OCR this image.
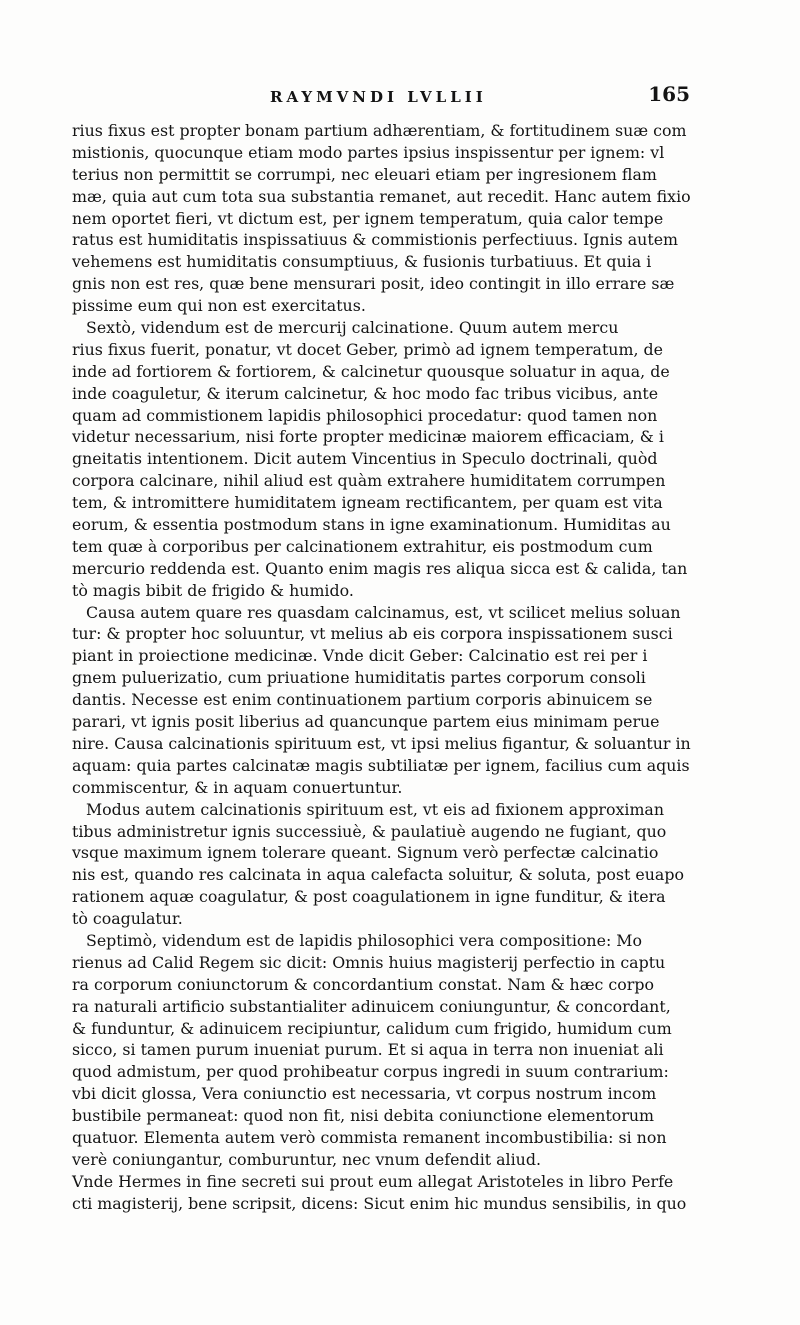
RAYMVNDI LVLLII	165
rius fixus est propter bonam partium adhærentiam, & fortitudinem suæ com
mistionis, quocunque etiam modo partes ipsius inspissentur per ignem: vl
terius non permittit se corrumpi, nec eleuari etiam per ingresionem flam
mæ, quia aut cum tota sua substantia remanet, aut recedit. Hanc autem fixio
nem oportet fieri, vt dictum est, per ignem temperatum, quia calor tempe
ratus est humiditatis inspissatiuus & commistionis perfectiuus. Ignis autem
vehemens est humiditatis consumptiuus, & fusionis turbatiuus. Et quia i
gnis non est res, quæ bene mensurari posit, ideo contingit in illo errare sæ
pissime eum qui non est exercitatus.
Sextò, videndum est de mercurij calcinatione. Quum autem mercu
rius fixus fuerit, ponatur, vt docet Geber, primò ad ignem temperatum, de
inde ad fortiorem & fortiorem, & calcinetur quousque soluatur in aqua, de
inde coaguletur, & iterum calcinetur, & hoc modo fac tribus vicibus, ante
quam ad commistionem lapidis philosophici procedatur: quod tamen non
videtur necessarium, nisi forte propter medicinæ maiorem efficaciam, & i
gneitatis intentionem. Dicit autem Vincentius in Speculo doctrinali, quòd
corpora calcinare, nihil aliud est quàm extrahere humiditatem corrumpen
tem, & intromittere humiditatem igneam rectificantem, per quam est vita
eorum, & essentia postmodum stans in igne examinationum. Humiditas au
tem quæ à corporibus per calcinationem extrahitur, eis postmodum cum
mercurio reddenda est. Quanto enim magis res aliqua sicca est & calida, tan
tò magis bibit de frigido & humido.
Causa autem quare res quasdam calcinamus, est, vt scilicet melius soluan
tur: & propter hoc soluuntur, vt melius ab eis corpora inspissationem susci
piant in proiectione medicinæ. Vnde dicit Geber: Calcinatio est rei per i
gnem puluerizatio, cum priuatione humiditatis partes corporum consoli
dantis. Necesse est enim continuationem partium corporis abinuicem se
parari, vt ignis posit liberius ad quancunque partem eius minimam perue
nire. Causa calcinationis spirituum est, vt ipsi melius figantur, & soluantur in
aquam: quia partes calcinatæ magis subtiliatæ per ignem, facilius cum aquis
commiscentur, & in aquam conuertuntur.
Modus autem calcinationis spirituum est, vt eis ad fixionem approximan
tibus administretur ignis successiuè, & paulatiuè augendo ne fugiant, quo
vsque maximum ignem tolerare queant. Signum verò perfectæ calcinatio
nis est, quando res calcinata in aqua calefacta soluitur, & soluta, post euapo
rationem aquæ coagulatur, & post coagulationem in igne funditur, & itera
tò coagulatur.
Septimò, videndum est de lapidis philosophici vera compositione: Mo
rienus ad Calid Regem sic dicit: Omnis huius magisterij perfectio in captu
ra corporum coniunctorum & concordantium constat. Nam & hæc corpo
ra naturali artificio substantialiter adinuicem coniunguntur, & concordant,
& funduntur, & adinuicem recipiuntur, calidum cum frigido, humidum cum
sicco, si tamen purum inueniat purum. Et si aqua in terra non inueniat ali
quod admistum, per quod prohibeatur corpus ingredi in suum contrarium:
vbi dicit glossa, Vera coniunctio est necessaria, vt corpus nostrum incom
bustibile permaneat: quod non fit, nisi debita coniunctione elementorum
quatuor. Elementa autem verò commista remanent incombustibilia: si non
verè coniungantur, comburuntur, nec vnum defendit aliud.
Vnde Hermes in fine secreti sui prout eum allegat Aristoteles in libro Perfe
cti magisterij, bene scripsit, dicens: Sicut enim hic mundus sensibilis, in quo
